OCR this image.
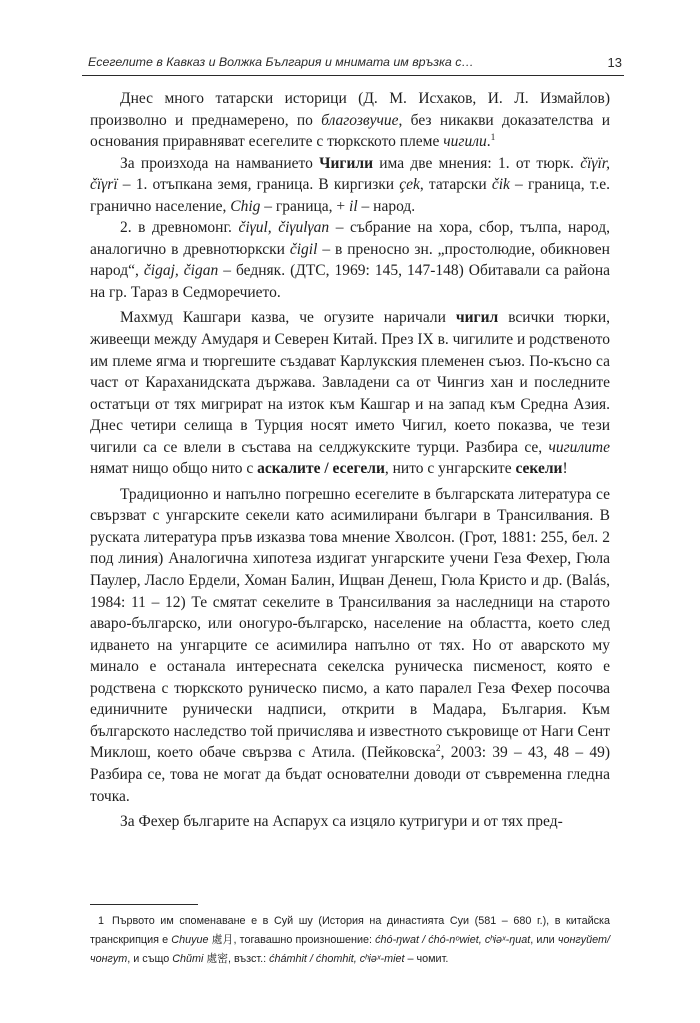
Есегелите в Кавказ и Волжка България и мнимата им връзка с…	13

Днес много татарски историци (Д. М. Исхаков, И. Л. Измайлов) произволно и преднамерено, по благозвучие, без никакви доказателства и основания приравняват есегелите с тюркското племе чигили.$^1$

За произхода на намванието Чигили има две мнения: 1. от тюрк. čïγïr, čïγrï – 1. отъпкана земя, граница. В киргизки çek, татарски čik – граница, т.е. гранично население, Chig – граница, + il – народ.

2. в древномонг. čiγul, čiγulγan – събрание на хора, сбор, тълпа, народ, аналогично в древнотюркски čigil – в преносно зн. „простолюдие, обикновен народ“, čigaj, čigan – бедняк. (ДТС, 1969: 145, 147-148) Обитавали са района на гр. Тараз в Седморечието.

Махмуд Кашгари казва, че огузите наричали чигил всички тюрки, живеещи между Амударя и Северен Китай. През IX в. чигилите и родственото им племе ягма и тюргешите създават Карлукския племенен съюз. По-късно са част от Караханидската държава. Завладени са от Чингиз хан и последните остатъци от тях мигрират на изток към Кашгар и на запад към Средна Азия. Днес четири селища в Турция носят името Чигил, което показва, че тези чигили са се влели в състава на селджукските турци. Разбира се, чигилите нямат нищо общо нито с аскалите / есегели, нито с унгарските секели!

Традиционно и напълно погрешно есегелите в българската литература се свързват с унгарските секели като асимилирани българи в Трансилвания. В руската литература пръв изказва това мнение Хволсон. (Грот, 1881: 255, бел. 2 под линия) Аналогична хипотеза издигат унгарските учени Геза Фехер, Гюла Паулер, Ласло Ердели, Хоман Балин, Ищван Денеш, Гюла Кристо и др. (Balás, 1984: 11 – 12) Те смятат секелите в Трансилвания за наследници на старото аваро-българско, или оногуро-българско, население на областта, което след идването на унгарците се асимилира напълно от тях. Но от аварското му минало е останала интересната секелска руническа писменост, която е родствена с тюркското руническо писмо, а като паралел Геза Фехер посочва единичните рунически надписи, открити в Мадара, България. Към българското наследство той причислява и известното съкровище от Наги Сент Миклош, което обаче свързва с Атила. (Пейковска$^2$, 2003: 39 – 43, 48 – 49) Разбира се, това не могат да бъдат основателни доводи от съвременна гледна точка.

За Фехер българите на Аспарух са изцяло кутригури и от тях пред-

1 Първото им споменаване е в Суй шу (История на династията Суи (581 – 680 г.), в китайска транскрипция е Chuyue 處月, тогавашно произношение: ćhó-ŋwat / ćhó-nᵒwiet, cʰiəˣ-ŋuat, или чонгуйет/чонгут, и също Chŭmi 處密, възст.: ćhámhit / ćhomhit, cʰiəˣ-miet – чомит.
